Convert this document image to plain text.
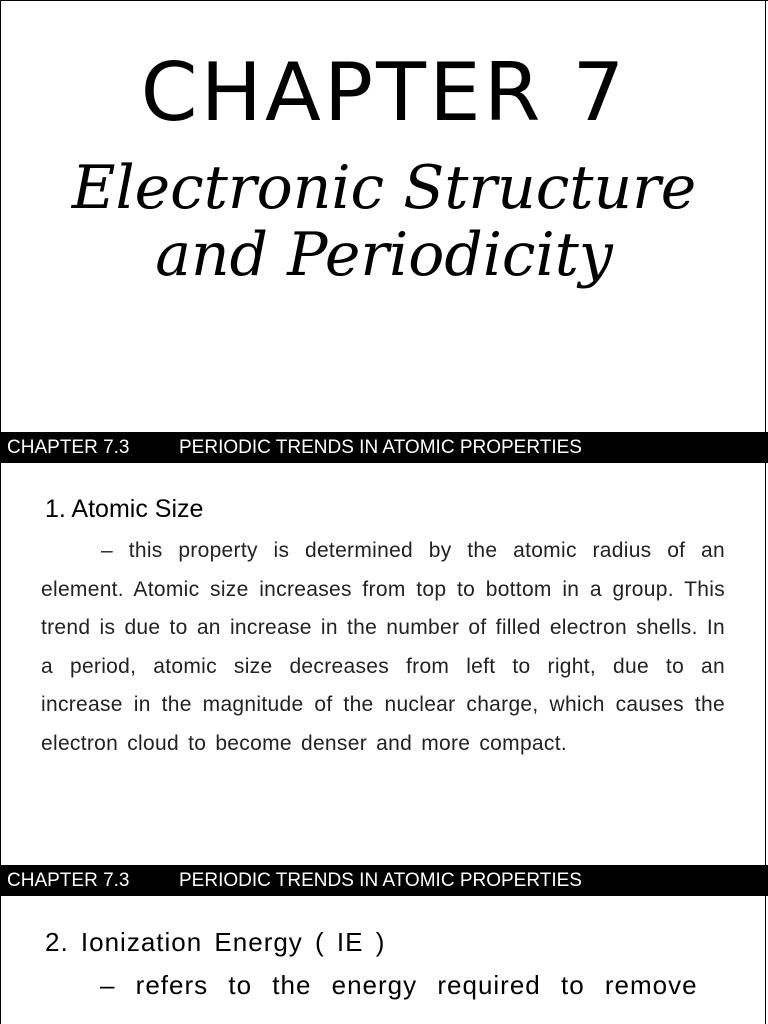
CHAPTER 7
Electronic Structure
and Periodicity
CHAPTER 7.3	PERIODIC TRENDS IN ATOMIC PROPERTIES
1. Atomic Size
– this property is determined by the atomic radius of an element. Atomic size increases from top to bottom in a group. This trend is due to an increase in the number of filled electron shells. In a period, atomic size decreases from left to right, due to an increase in the magnitude of the nuclear charge, which causes the electron cloud to become denser and more compact.
CHAPTER 7.3	PERIODIC TRENDS IN ATOMIC PROPERTIES
2. Ionization Energy ( IE )
– refers to the energy required to remove
